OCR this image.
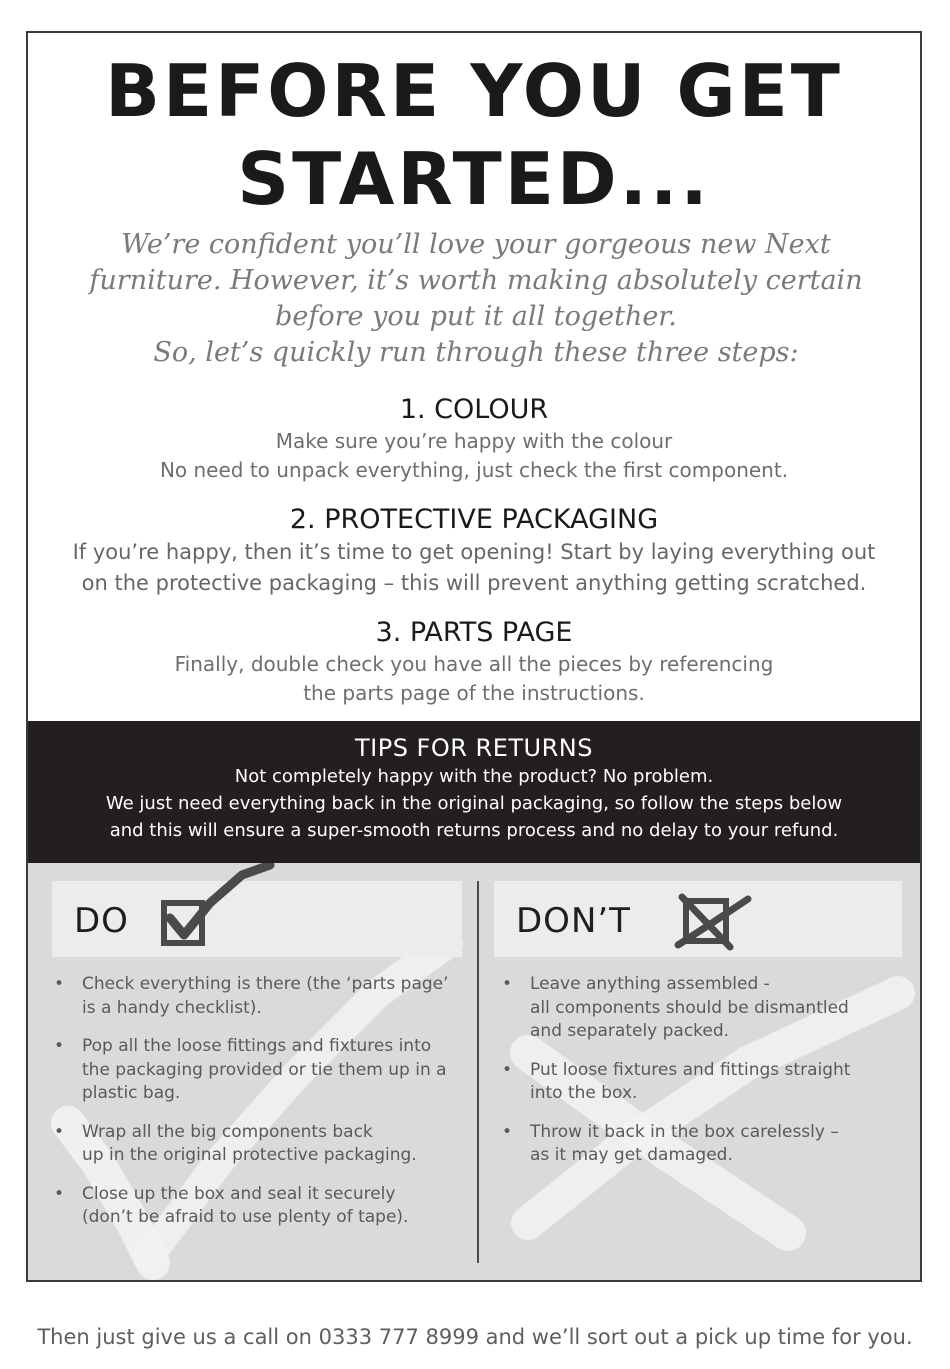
BEFORE YOU GET
STARTED...
We’re confident you’ll love your gorgeous new Next
furniture. However, it’s worth making absolutely certain
before you put it all together.
So, let’s quickly run through these three steps:
1. COLOUR

Make sure you’re happy with the colour

No need to unpack everything, just check the first component.

2. PROTECTIVE PACKAGING

If you’re happy, then it’s time to get opening! Start by laying everything out

on the protective packaging – this will prevent anything getting scratched.

3. PARTS PAGE

Finally, double check you have all the pieces by referencing

the parts page of the instructions.

TIPS FOR RETURNS

Not completely happy with the product? No problem.

We just need everything back in the original packaging, so follow the steps below

and this will ensure a super-smooth returns process and no delay to your refund.

DO	DON’T
• Check everything is there (the ‘parts page’
is a handy checklist).
• Pop all the loose fittings and fixtures into
the packaging provided or tie them up in a
plastic bag.
• Wrap all the big components back
up in the original protective packaging.
• Close up the box and seal it securely
(don’t be afraid to use plenty of tape).
• Leave anything assembled -
all components should be dismantled
and separately packed.
• Put loose fixtures and fittings straight
into the box.
• Throw it back in the box carelessly –
as it may get damaged.
Then just give us a call on 0333 777 8999 and we’ll sort out a pick up time for you.
